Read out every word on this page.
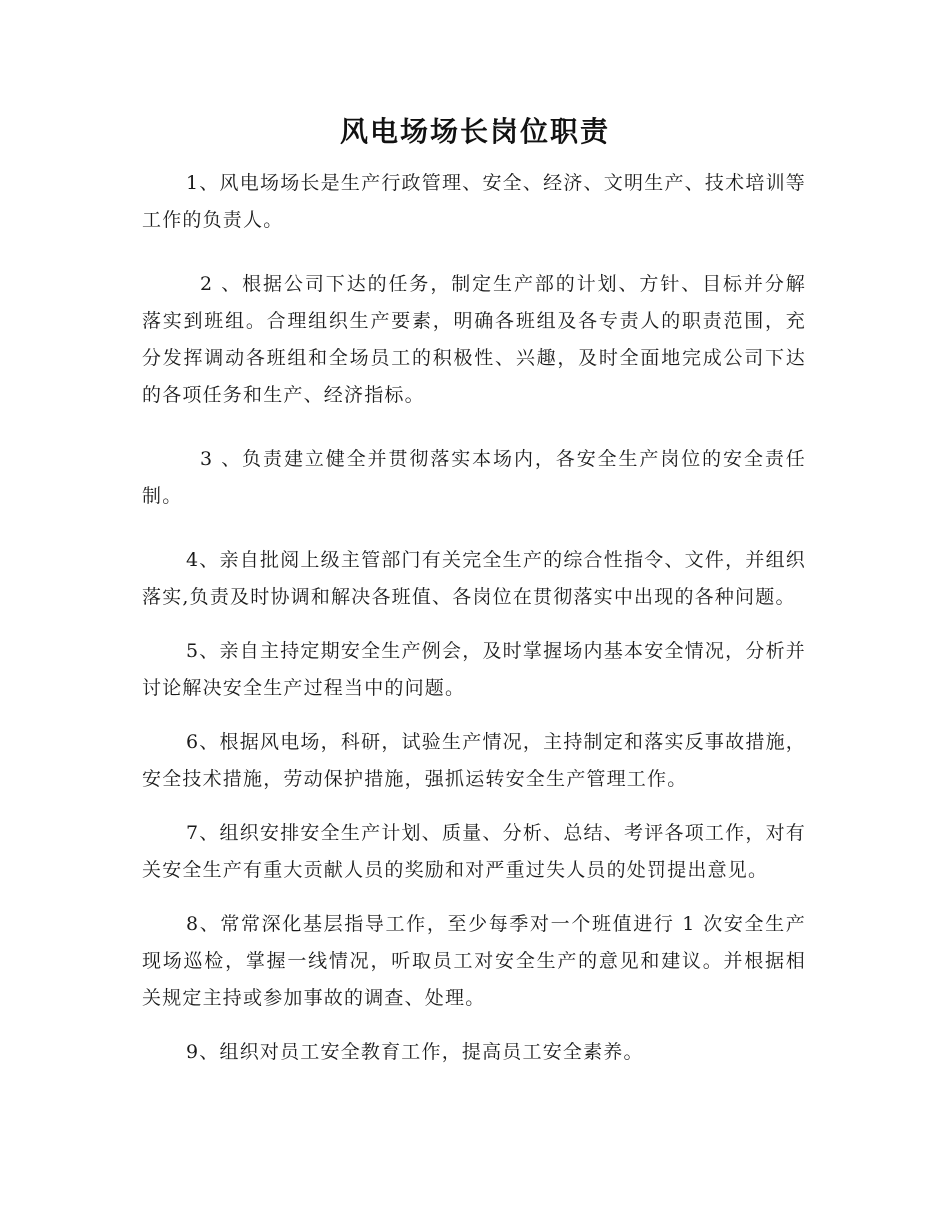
风电场场长岗位职责

1、风电场场长是生产行政管理、安全、经济、文明生产、技术培训等工作的负责人。

2 、根据公司下达的任务，制定生产部的计划、方针、目标并分解落实到班组。合理组织生产要素，明确各班组及各专责人的职责范围，充分发挥调动各班组和全场员工的积极性、兴趣，及时全面地完成公司下达的各项任务和生产、经济指标。

3 、负责建立健全并贯彻落实本场内，各安全生产岗位的安全责任制。

4、亲自批阅上级主管部门有关完全生产的综合性指令、文件，并组织落实,负责及时协调和解决各班值、各岗位在贯彻落实中出现的各种问题。

5、亲自主持定期安全生产例会，及时掌握场内基本安全情况，分析并讨论解决安全生产过程当中的问题。

6、根据风电场，科研，试验生产情况，主持制定和落实反事故措施，安全技术措施，劳动保护措施，强抓运转安全生产管理工作。

7、组织安排安全生产计划、质量、分析、总结、考评各项工作，对有关安全生产有重大贡献人员的奖励和对严重过失人员的处罚提出意见。

8、常常深化基层指导工作，至少每季对一个班值进行 1 次安全生产现场巡检，掌握一线情况，听取员工对安全生产的意见和建议。并根据相关规定主持或参加事故的调查、处理。

9、组织对员工安全教育工作，提高员工安全素养。
